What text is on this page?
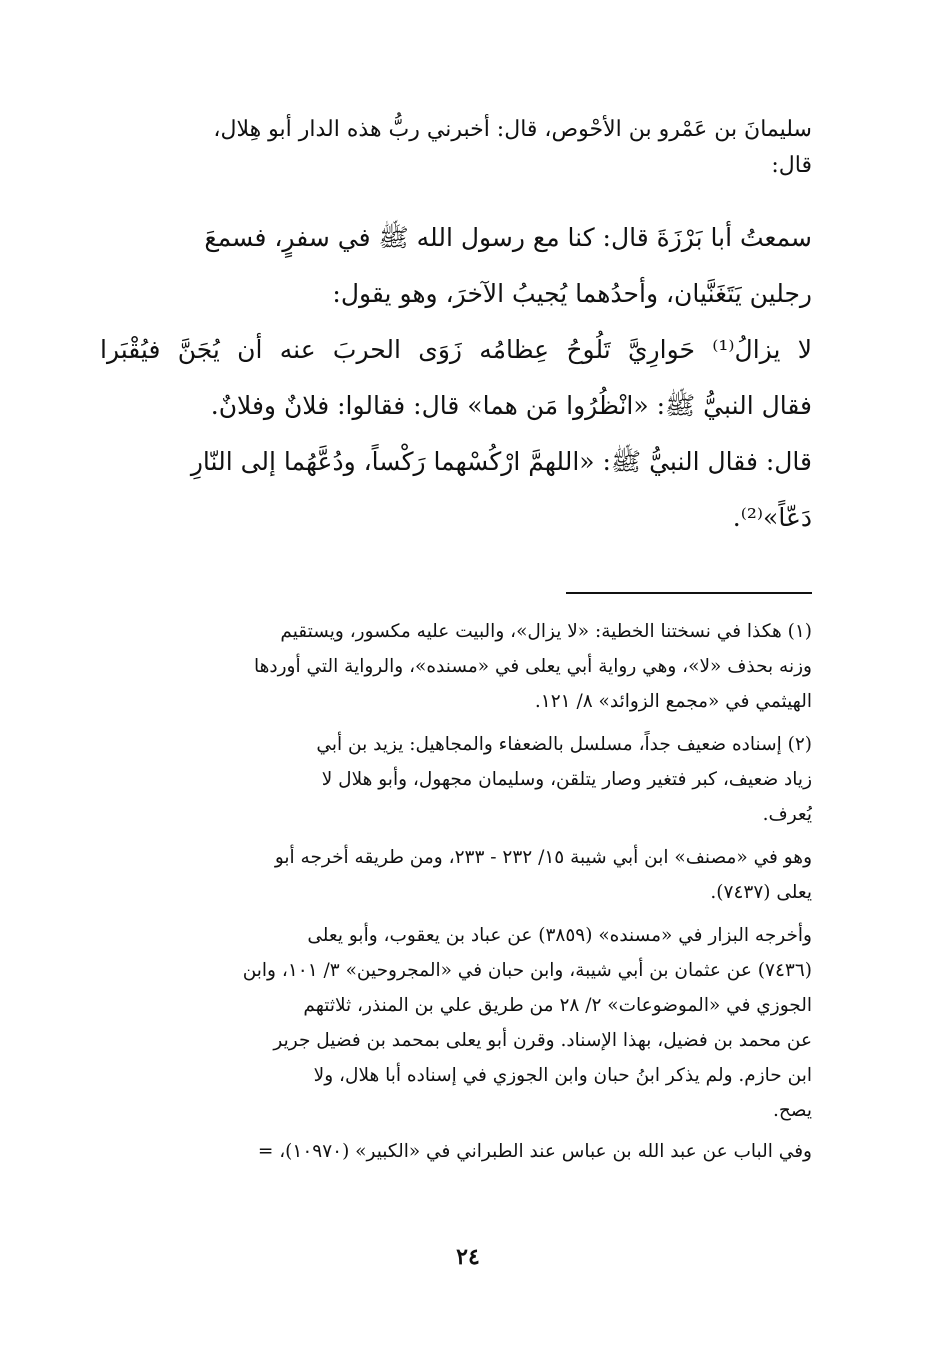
سليمانَ بن عَمْرو بن الأحْوص، قال: أخبرني ربُّ هذه الدار أبو هِلال،
قال:
سمعتُ أبا بَرْزَةَ قال: كنا مع رسول الله ﷺ في سفرٍ، فسمعَ
رجلين يَتَغَنَّيان، وأحدُهما يُجيبُ الآخرَ، وهو يقول:
لا يزالُ⁽¹⁾ حَوارِيَّ تَلُوحُ عِظامُه زَوَى الحربَ عنه أن يُجَنَّ فيُقْبَرا
فقال النبيُّ ﷺ: «انْظُرُوا مَن هما» قال: فقالوا: فلانٌ وفلانٌ.
قال: فقال النبيُّ ﷺ: «اللهمَّ ارْكُسْهما رَكْساً، ودُعَّهُما إلى النّارِ
دَعّاً»⁽²⁾.
(١) هكذا في نسختنا الخطية: «لا يزال»، والبيت عليه مكسور، ويستقيم
وزنه بحذف «لا»، وهي رواية أبي يعلى في «مسنده»، والرواية التي أوردها
الهيثمي في «مجمع الزوائد» ٨/ ١٢١.
(٢) إسناده ضعيف جداً، مسلسل بالضعفاء والمجاهيل: يزيد بن أبي
زياد ضعيف، كبر فتغير وصار يتلقن، وسليمان مجهول، وأبو هلال لا
يُعرف.
وهو في «مصنف» ابن أبي شيبة ١٥/ ٢٣٢ - ٢٣٣، ومن طريقه أخرجه أبو
يعلى (٧٤٣٧).
وأخرجه البزار في «مسنده» (٣٨٥٩) عن عباد بن يعقوب، وأبو يعلى
(٧٤٣٦) عن عثمان بن أبي شيبة، وابن حبان في «المجروحين» ٣/ ١٠١، وابن
الجوزي في «الموضوعات» ٢/ ٢٨ من طريق علي بن المنذر، ثلاثتهم
عن محمد بن فضيل، بهذا الإسناد. وقرن أبو يعلى بمحمد بن فضيل جرير
ابن حازم. ولم يذكر ابنُ حبان وابن الجوزي في إسناده أبا هلال، ولا
يصح.
وفي الباب عن عبد الله بن عباس عند الطبراني في «الكبير» (١٠٩٧٠)، =
٢٤
